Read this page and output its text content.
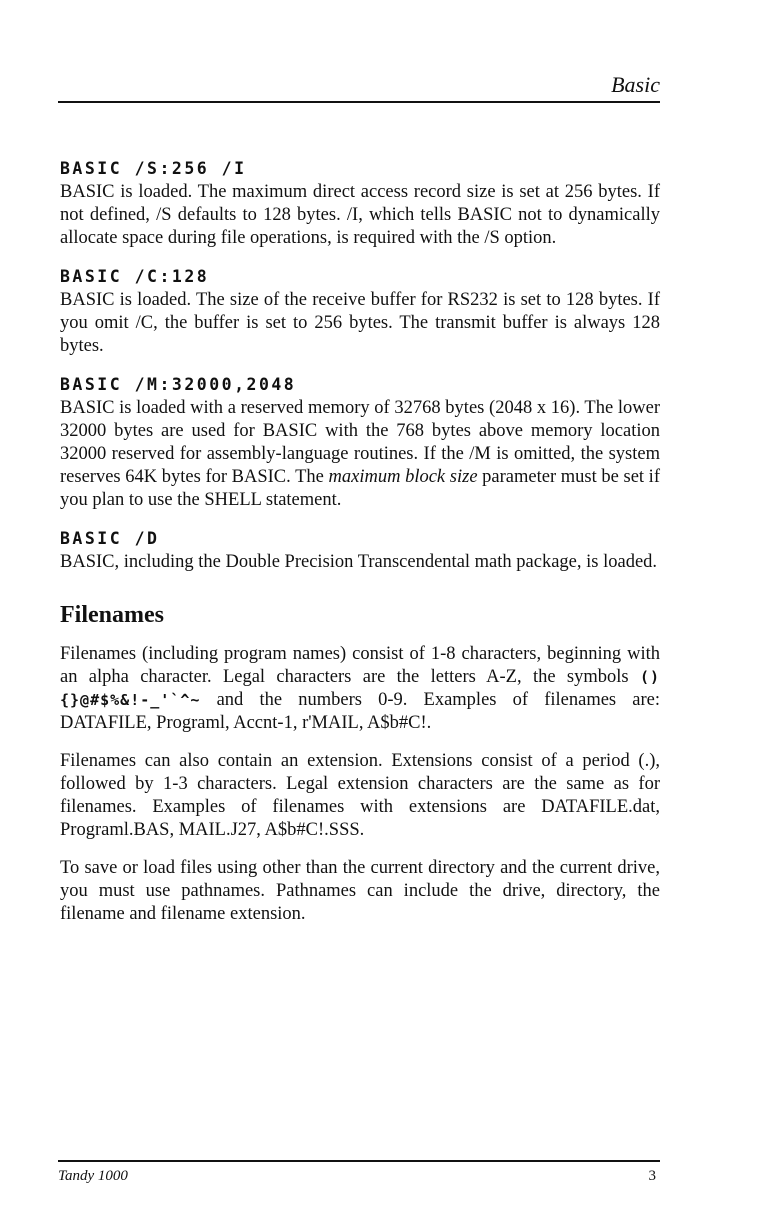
Basic

BASIC /S:256 /I

BASIC is loaded. The maximum direct access record size is set at 256 bytes. If not defined, /S defaults to 128 bytes. /I, which tells BASIC not to dynamically allocate space during file operations, is required with the /S option.

BASIC /C:128

BASIC is loaded. The size of the receive buffer for RS232 is set to 128 bytes. If you omit /C, the buffer is set to 256 bytes. The transmit buffer is always 128 bytes.

BASIC /M:32000,2048

BASIC is loaded with a reserved memory of 32768 bytes (2048 x 16). The lower 32000 bytes are used for BASIC with the 768 bytes above memory location 32000 reserved for assembly-language routines. If the /M is omitted, the system reserves 64K bytes for BASIC. The maximum block size parameter must be set if you plan to use the SHELL statement.

BASIC /D

BASIC, including the Double Precision Transcendental math package, is loaded.

Filenames

Filenames (including program names) consist of 1-8 characters, beginning with an alpha character. Legal characters are the letters A-Z, the symbols (){}@#$%&!-_'`^~ and the numbers 0-9. Examples of filenames are: DATAFILE, Programl, Accnt-1, r'MAIL, A$b#C!.

Filenames can also contain an extension. Extensions consist of a period (.), followed by 1-3 characters. Legal extension characters are the same as for filenames. Examples of filenames with extensions are DATAFILE.dat, Programl.BAS, MAIL.J27, A$b#C!.SSS.

To save or load files using other than the current directory and the current drive, you must use pathnames. Pathnames can include the drive, directory, the filename and filename extension.

Tandy 1000	3
